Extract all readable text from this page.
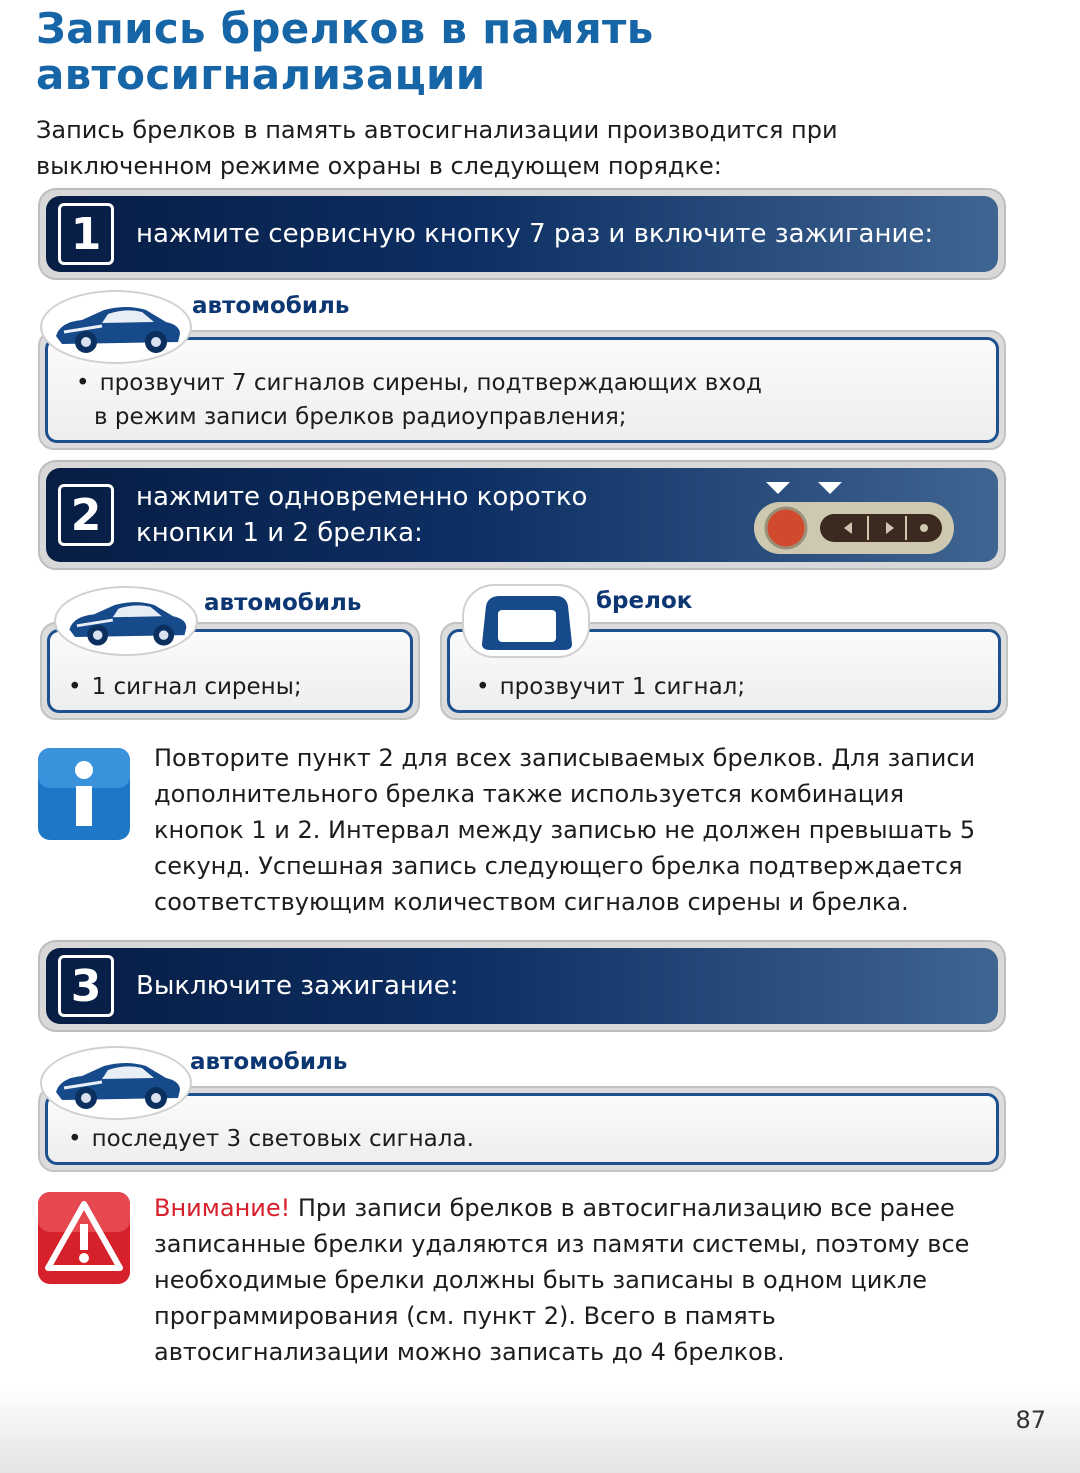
Запись брелков в память
автосигнализации

Запись брелков в память автосигнализации производится при
выключенном режиме охраны в следующем порядке:

1	нажмите сервисную кнопку 7 раз и включите зажигание:
• прозвучит 7 сигналов сирены, подтверждающих вход
в режим записи брелков радиоуправления;
автомобиль
2	нажмите одновременно коротко
кнопки 1 и 2 брелка:
• 1 сигнал сирены;
автомобиль
• прозвучит 1 сигнал;
брелок

Повторите пункт 2 для всех записываемых брелков. Для записи
дополнительного брелка также используется комбинация
кнопок 1 и 2. Интервал между записью не должен превышать 5
секунд. Успешная запись следующего брелка подтверждается
соответствующим количеством сигналов сирены и брелка.

3	Выключите зажигание:
• последует 3 световых сигнала.
автомобиль

Внимание! При записи брелков в автосигнализацию все ранее
записанные брелки удаляются из памяти системы, поэтому все
необходимые брелки должны быть записаны в одном цикле
программирования (см. пункт 2). Всего в память
автосигнализации можно записать до 4 брелков.

87
